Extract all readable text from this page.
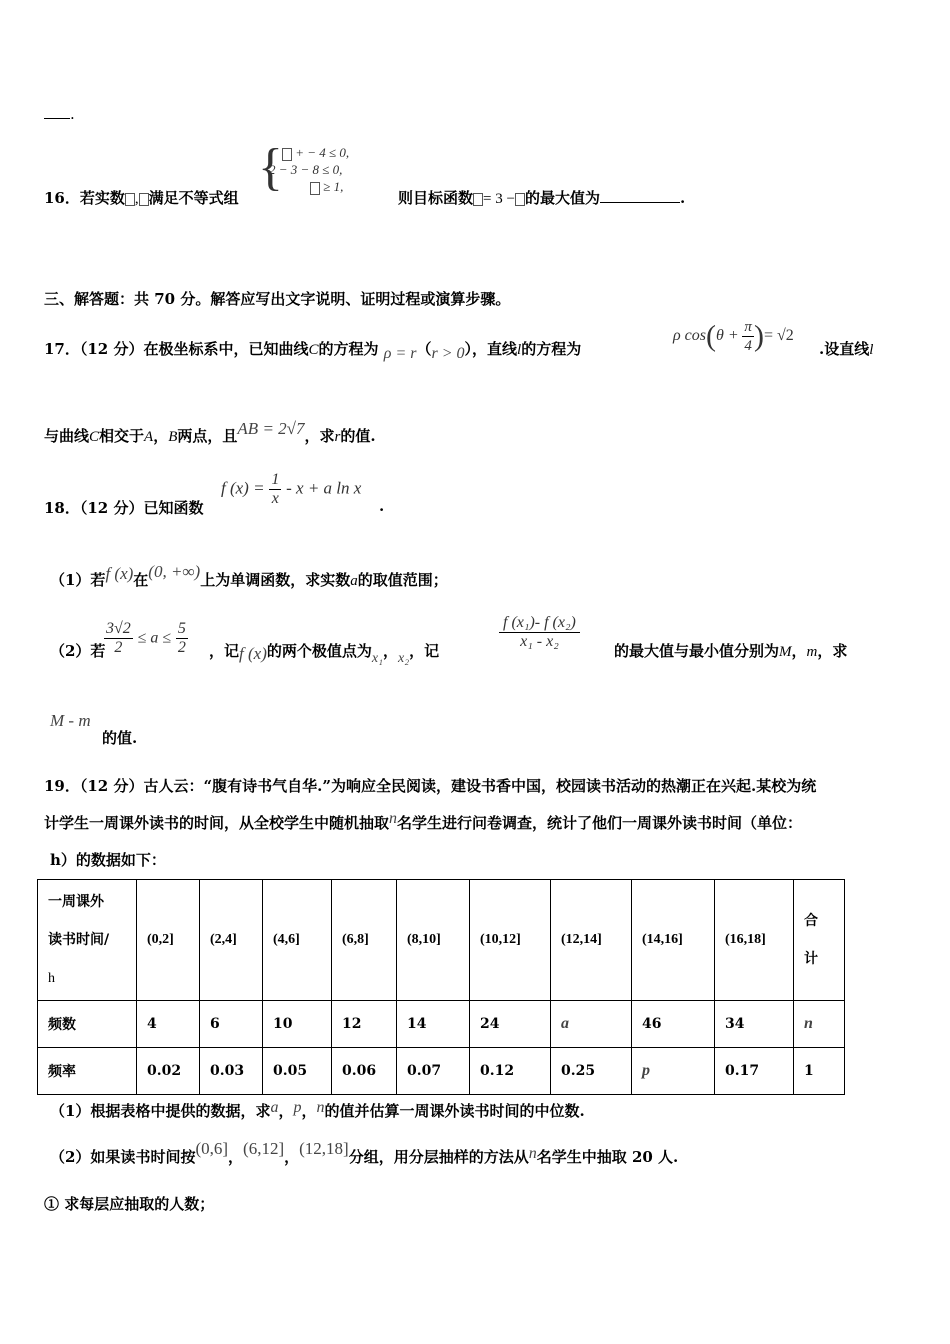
.
16．若实数 , 满足不等式组
{ + − 4 ≤ 0,
2 − 3 − 8 ≤ 0,
≥ 1,
则目标函数 = 3 − 的最大值为	.
三、解答题：共 70 分。解答应写出文字说明、证明过程或演算步骤。
17．（12 分）在极坐标系中，已知曲线C的方程为 ρ = r（r > 0），直线l的方程为
ρ $\cos(\theta + \frac{\pi}{4}$ )= √2
.设直线l
与曲线C相交于A，B两点，且AB = 2√7，求r的值.
18．（12 分）已知函数
f $(x) = \frac{1}{x} - x + a$ ln x
.
（1）若f (x)在(0, +∞)上为单调函数，求实数a的取值范围；
（2）若
$\frac{3√2}{2} \le a \le \frac{5}{2}$ ，记f (x)的两个极值点为x₁，x₂，记	$\frac{\text{f (x₁)- f (x₂)}}{\text{x₁ - x₂}}$ 的最大值与最小值分别为M，m，求
M - m
的值.
19．（12 分）古人云：“腹有诗书气自华.”为响应全民阅读，建设书香中国，校园读书活动的热潮正在兴起.某校为统
计学生一周课外读书的时间，从全校学生中随机抽取n名学生进行问卷调查，统计了他们一周课外读书时间（单位：
h）的数据如下：
一周课外
读书时间/
h	(0,2]	(2,4]	(4,6]	(6,8]	(8,10]	(10,12]	(12,14]	(14,16]	(16,18]	合
计
频数	4	6	10	12	14	24	a	46	34	n
频率	0.02	0.03	0.05	0.06	0.07	0.12	0.25	p	0.17	1
（1）根据表格中提供的数据，求a，p，n的值并估算一周课外读书时间的中位数.
（2）如果读书时间按(0,6]，(6,12]，(12,18]分组，用分层抽样的方法从n名学生中抽取 20 人.
① 求每层应抽取的人数；
